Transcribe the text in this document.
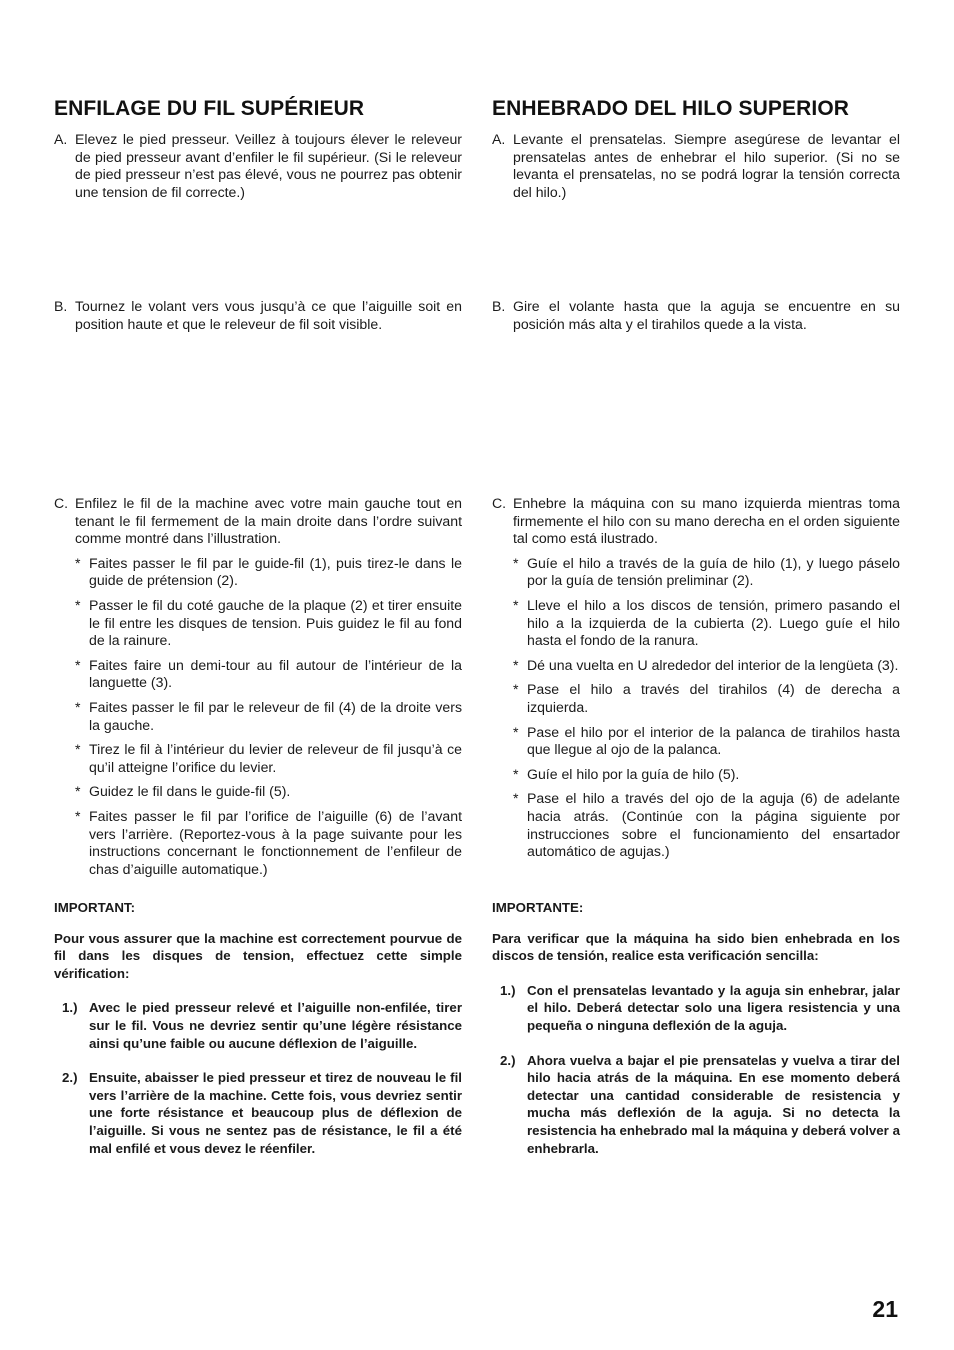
ENFILAGE DU FIL SUPÉRIEUR
A. Elevez le pied presseur. Veillez à toujours élever le releveur de pied presseur avant d’enfiler le fil supérieur. (Si le releveur de pied presseur n’est pas élevé, vous ne pourrez pas obtenir une tension de fil correcte.)
B. Tournez le volant vers vous jusqu’à ce que l’aiguille soit en position haute et que le releveur de fil soit visible.
C. Enfilez le fil de la machine avec votre main gauche tout en tenant le fil fermement de la main droite dans l’ordre suivant comme montré dans l’illustration.
* Faites passer le fil par le guide-fil (1), puis tirez-le dans le guide de prétension (2).
* Passer le fil du coté gauche de la plaque (2) et tirer ensuite le fil entre les disques de tension. Puis guidez le fil au fond de la rainure.
* Faites faire un demi-tour au fil autour de l’intérieur de la languette (3).
* Faites passer le fil par le releveur de fil (4) de la droite vers la gauche.
* Tirez le fil à l’intérieur du levier de releveur de fil jusqu’à ce qu’il atteigne l’orifice du levier.
* Guidez le fil dans le guide-fil (5).
* Faites passer le fil par l’orifice de l’aiguille (6) de l’avant vers l’arrière. (Reportez-vous à la page suivante pour les instructions concernant le fonctionnement de l’enfileur de chas d’aiguille automatique.)
IMPORTANT:
Pour vous assurer que la machine est correctement pourvue de fil dans les disques de tension, effectuez cette simple vérification:
1.) Avec le pied presseur relevé et l’aiguille non-enfilée, tirer sur le fil. Vous ne devriez sentir qu’une légère résistance ainsi qu’une faible ou aucune déflexion de l’aiguille.
2.) Ensuite, abaisser le pied presseur et tirez de nouveau le fil vers l’arrière de la machine. Cette fois, vous devriez sentir une forte résistance et beaucoup plus de déflexion de l’aiguille. Si vous ne sentez pas de résistance, le fil a été mal enfilé et vous devez le réenfiler.
ENHEBRADO DEL HILO SUPERIOR
A. Levante el prensatelas. Siempre asegúrese de levantar el prensatelas antes de enhebrar el hilo superior. (Si no se levanta el prensatelas, no se podrá lograr la tensión correcta del hilo.)
B. Gire el volante hasta que la aguja se encuentre en su posición más alta y el tirahilos quede a la vista.
C. Enhebre la máquina con su mano izquierda mientras toma firmemente el hilo con su mano derecha en el orden siguiente tal como está ilustrado.
* Guíe el hilo a través de la guía de hilo (1), y luego páselo por la guía de tensión preliminar (2).
* Lleve el hilo a los discos de tensión, primero pasando el hilo a la izquierda de la cubierta (2). Luego guíe el hilo hasta el fondo de la ranura.
* Dé una vuelta en U alrededor del interior de la lengüeta (3).
* Pase el hilo a través del tirahilos (4) de derecha a izquierda.
* Pase el hilo por el interior de la palanca de tirahilos hasta que llegue al ojo de la palanca.
* Guíe el hilo por la guía de hilo (5).
* Pase el hilo a través del ojo de la aguja (6) de adelante hacia atrás. (Continúe con la página siguiente por instrucciones sobre el funcionamiento del ensartador automático de agujas.)
IMPORTANTE:
Para verificar que la máquina ha sido bien enhebrada en los discos de tensión, realice esta verificación sencilla:
1.) Con el prensatelas levantado y la aguja sin enhebrar, jalar el hilo. Deberá detectar solo una ligera resistencia y una pequeña o ninguna deflexión de la aguja.
2.) Ahora vuelva a bajar el pie prensatelas y vuelva a tirar del hilo hacia atrás de la máquina. En ese momento deberá detectar una cantidad considerable de resistencia y mucha más deflexión de la aguja. Si no detecta la resistencia ha enhebrado mal la máquina y deberá volver a enhebrarla.
21
